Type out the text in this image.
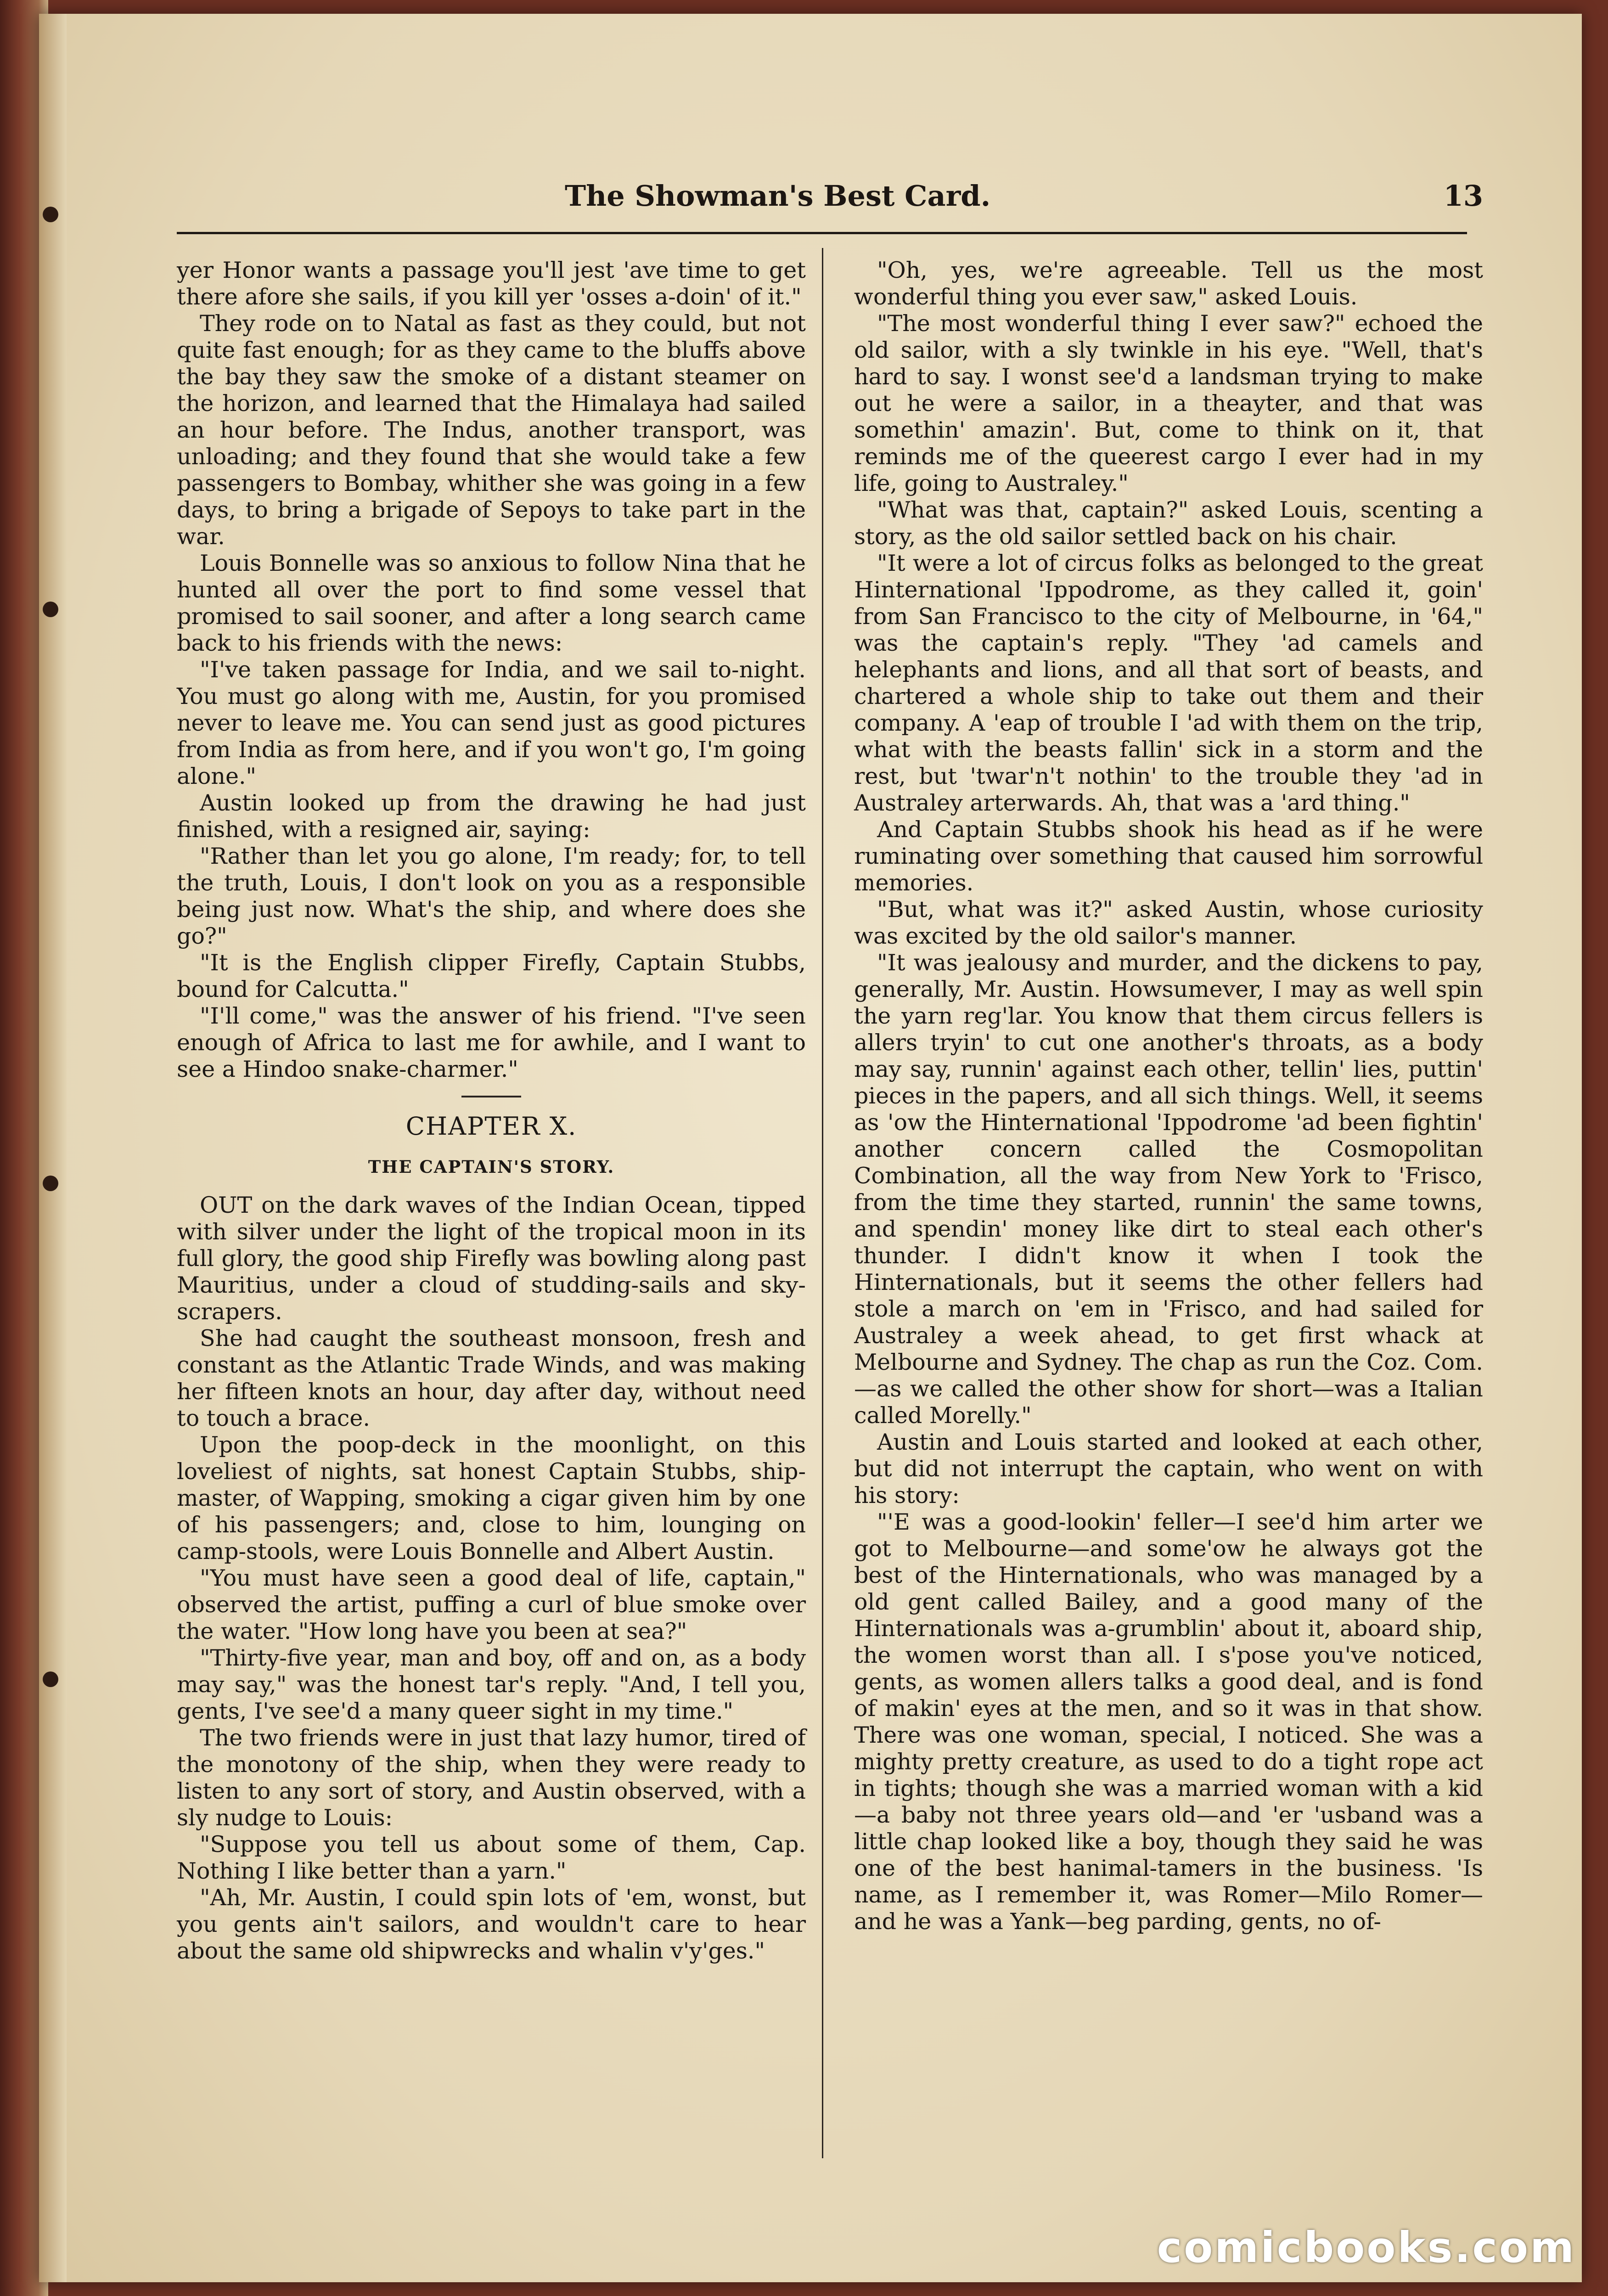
The Showman's Best Card.	13

yer Honor wants a passage you'll jest 'ave time to get there afore she sails, if you kill yer 'osses a-doin' of it."

They rode on to Natal as fast as they could, but not quite fast enough; for as they came to the bluffs above the bay they saw the smoke of a distant steamer on the horizon, and learned that the Himalaya had sailed an hour before. The Indus, another transport, was unloading; and they found that she would take a few passengers to Bombay, whither she was going in a few days, to bring a brigade of Sepoys to take part in the war.

Louis Bonnelle was so anxious to follow Nina that he hunted all over the port to find some vessel that promised to sail sooner, and after a long search came back to his friends with the news:

"I've taken passage for India, and we sail to-night. You must go along with me, Austin, for you promised never to leave me. You can send just as good pictures from India as from here, and if you won't go, I'm going alone."

Austin looked up from the drawing he had just finished, with a resigned air, saying:

"Rather than let you go alone, I'm ready; for, to tell the truth, Louis, I don't look on you as a responsible being just now. What's the ship, and where does she go?"

"It is the English clipper Firefly, Captain Stubbs, bound for Calcutta."

"I'll come," was the answer of his friend. "I've seen enough of Africa to last me for awhile, and I want to see a Hindoo snake-charmer."

CHAPTER X.
THE CAPTAIN'S STORY.

OUT on the dark waves of the Indian Ocean, tipped with silver under the light of the tropical moon in its full glory, the good ship Firefly was bowling along past Mauritius, under a cloud of studding-sails and sky-scrapers.

She had caught the southeast monsoon, fresh and constant as the Atlantic Trade Winds, and was making her fifteen knots an hour, day after day, without need to touch a brace.

Upon the poop-deck in the moonlight, on this loveliest of nights, sat honest Captain Stubbs, ship-master, of Wapping, smoking a cigar given him by one of his passengers; and, close to him, lounging on camp-stools, were Louis Bonnelle and Albert Austin.

"You must have seen a good deal of life, captain," observed the artist, puffing a curl of blue smoke over the water. "How long have you been at sea?"

"Thirty-five year, man and boy, off and on, as a body may say," was the honest tar's reply. "And, I tell you, gents, I've see'd a many queer sight in my time."

The two friends were in just that lazy humor, tired of the monotony of the ship, when they were ready to listen to any sort of story, and Austin observed, with a sly nudge to Louis:

"Suppose you tell us about some of them, Cap. Nothing I like better than a yarn."

"Ah, Mr. Austin, I could spin lots of 'em, wonst, but you gents ain't sailors, and wouldn't care to hear about the same old shipwrecks and whalin v'y'ges."

"Oh, yes, we're agreeable. Tell us the most wonderful thing you ever saw," asked Louis.

"The most wonderful thing I ever saw?" echoed the old sailor, with a sly twinkle in his eye. "Well, that's hard to say. I wonst see'd a landsman trying to make out he were a sailor, in a theayter, and that was somethin' amazin'. But, come to think on it, that reminds me of the queerest cargo I ever had in my life, going to Australey."

"What was that, captain?" asked Louis, scenting a story, as the old sailor settled back on his chair.

"It were a lot of circus folks as belonged to the great Hinternational 'Ippodrome, as they called it, goin' from San Francisco to the city of Melbourne, in '64," was the captain's reply. "They 'ad camels and helephants and lions, and all that sort of beasts, and chartered a whole ship to take out them and their company. A 'eap of trouble I 'ad with them on the trip, what with the beasts fallin' sick in a storm and the rest, but 'twar'n't nothin' to the trouble they 'ad in Australey arterwards. Ah, that was a 'ard thing."

And Captain Stubbs shook his head as if he were ruminating over something that caused him sorrowful memories.

"But, what was it?" asked Austin, whose curiosity was excited by the old sailor's manner.

"It was jealousy and murder, and the dickens to pay, generally, Mr. Austin. Howsumever, I may as well spin the yarn reg'lar. You know that them circus fellers is allers tryin' to cut one another's throats, as a body may say, runnin' against each other, tellin' lies, puttin' pieces in the papers, and all sich things. Well, it seems as 'ow the Hinternational 'Ippodrome 'ad been fightin' another concern called the Cosmopolitan Combination, all the way from New York to 'Frisco, from the time they started, runnin' the same towns, and spendin' money like dirt to steal each other's thunder. I didn't know it when I took the Hinternationals, but it seems the other fellers had stole a march on 'em in 'Frisco, and had sailed for Australey a week ahead, to get first whack at Melbourne and Sydney. The chap as run the Coz. Com.—as we called the other show for short—was a Italian called Morelly."

Austin and Louis started and looked at each other, but did not interrupt the captain, who went on with his story:

"'E was a good-lookin' feller—I see'd him arter we got to Melbourne—and some'ow he always got the best of the Hinternationals, who was managed by a old gent called Bailey, and a good many of the Hinternationals was a-grumblin' about it, aboard ship, the women worst than all. I s'pose you've noticed, gents, as women allers talks a good deal, and is fond of makin' eyes at the men, and so it was in that show. There was one woman, special, I noticed. She was a mighty pretty creature, as used to do a tight rope act in tights; though she was a married woman with a kid—a baby not three years old—and 'er 'usband was a little chap looked like a boy, though they said he was one of the best hanimal-tamers in the business. 'Is name, as I remember it, was Romer—Milo Romer—and he was a Yank—beg parding, gents, no of-

comicbooks.com
